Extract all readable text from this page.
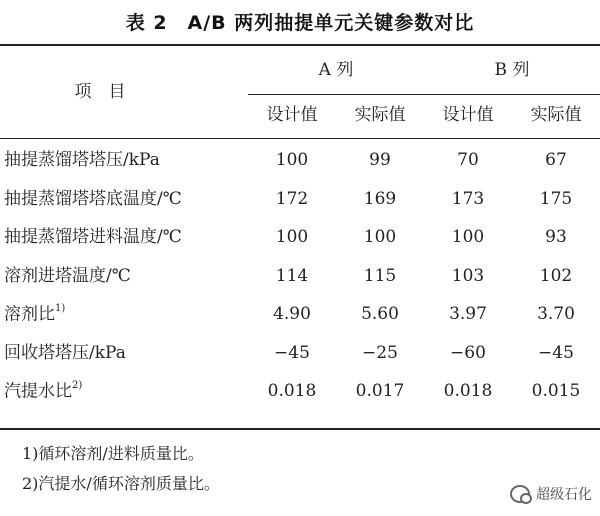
表 2　A/B 两列抽提单元关键参数对比
项　目
A 列	B 列
设计值	实际值	设计值	实际值
抽提蒸馏塔塔压/kPa	100	99	70	67
抽提蒸馏塔塔底温度/℃	172	169	173	175
抽提蒸馏塔进料温度/℃	100	100	100	93
溶剂进塔温度/℃	114	115	103	102
溶剂比$^{1)}$	4.90	5.60	3.97	3.70
回收塔塔压/kPa	−45	−25	−60	−45
汽提水比$^{2)}$	0.018	0.017	0.018	0.015
1)循环溶剂/进料质量比。
2)汽提水/循环溶剂质量比。
超级石化
